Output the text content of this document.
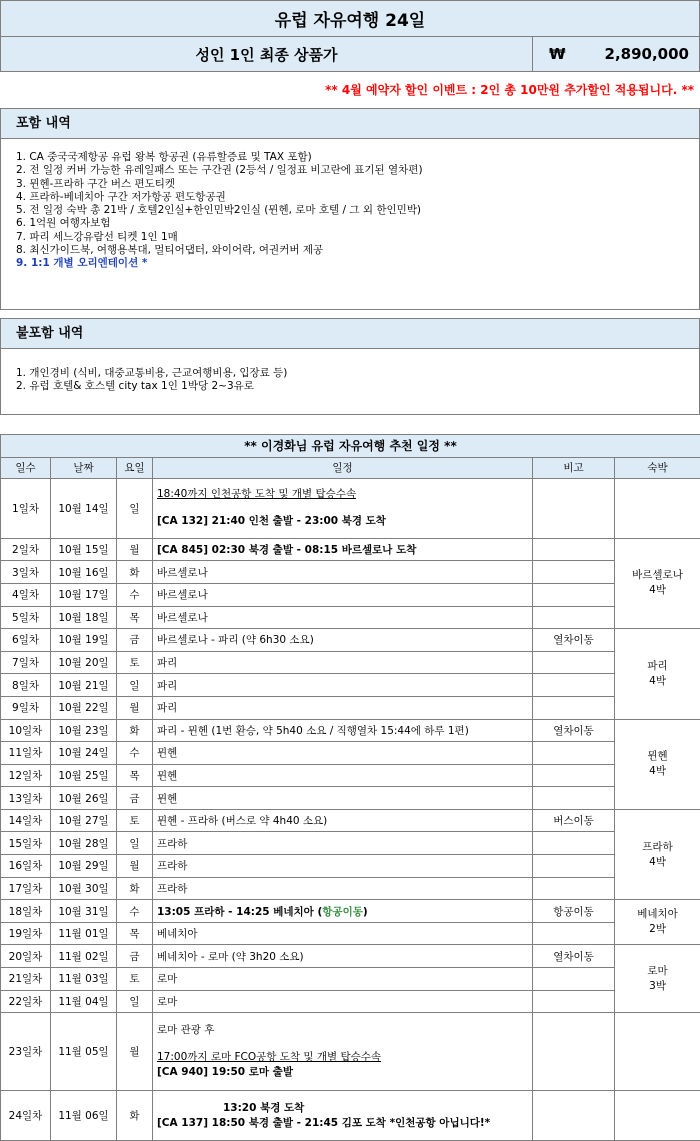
유럽 자유여행 24일
성인 1인 최종 상품가	₩	2,890,000
** 4월 예약자 할인 이벤트 : 2인 총 10만원 추가할인 적용됩니다. **
포함 내역
1. CA 중국국제항공 유럽 왕복 항공권 (유류할증료 및 TAX 포함)
2. 전 일정 커버 가능한 유레일패스 또는 구간권 (2등석 / 일정표 비고란에 표기된 열차편)
3. 뮌헨-프라하 구간 버스 편도티켓
4. 프라하-베네치아 구간 저가항공 편도항공권
5. 전 일정 숙박 총 21박 / 호텔2인실+한인민박2인실 (뮌헨, 로마 호텔 / 그 외 한인민박)
6. 1억원 여행자보험
7. 파리 세느강유람선 티켓 1인 1매
8. 최신가이드북, 여행용복대, 멀티어댑터, 와이어락, 여권커버 제공
9. 1:1 개별 오리엔테이션 *
불포함 내역
1. 개인경비 (식비, 대중교통비용, 근교여행비용, 입장료 등)
2. 유럽 호텔& 호스텔 city tax 1인 1박당 2~3유로
** 이경화님 유럽 자유여행 추천 일정 **					
일수	날짜	요일	일정	비고	숙박
1일차	10월 14일	일	18:40까지 인천공항 도착 및 개별 탑승수속
[CA 132] 21:40 인천 출발 - 23:00 북경 도착		

2일차	10월 15일	월	[CA 845] 02:30 북경 출발 - 08:15 바르셀로나 도착		바르셀로나
4박

3일차	10월 16일	화	바르셀로나		
4일차	10월 17일	수	바르셀로나		
5일차	10월 18일	목	바르셀로나		
6일차	10월 19일	금	바르셀로나 - 파리 (약 6h30 소요)	열차이동	파리
4박

7일차	10월 20일	토	파리		
8일차	10월 21일	일	파리		
9일차	10월 22일	월	파리		
10일차	10월 23일	화	파리 - 뮌헨 (1번 환승, 약 5h40 소요 / 직행열차 15:44에 하루 1편)	열차이동	뮌헨
4박

11일차	10월 24일	수	뮌헨		
12일차	10월 25일	목	뮌헨		
13일차	10월 26일	금	뮌헨		
14일차	10월 27일	토	뮌헨 - 프라하 (버스로 약 4h40 소요)	버스이동	프라하
4박

15일차	10월 28일	일	프라하		
16일차	10월 29일	월	프라하		
17일차	10월 30일	화	프라하		
18일차	10월 31일	수	13:05 프라하 - 14:25 베네치아 (항공이동)	항공이동	베네치아
2박

19일차	11월 01일	목	베네치아		
20일차	11월 02일	금	베네치아 - 로마 (약 3h20 소요)	열차이동	로마
3박

21일차	11월 03일	토	로마		
22일차	11월 04일	일	로마		
23일차	11월 05일	월	로마 관광 후
17:00까지 로마 FCO공항 도착 및 개별 탑승수속
[CA 940] 19:50 로마 출발		

24일차	11월 06일	화	13:20 북경 도착
[CA 137] 18:50 북경 출발 - 21:45 김포 도착 *인천공항 아닙니다!*		
